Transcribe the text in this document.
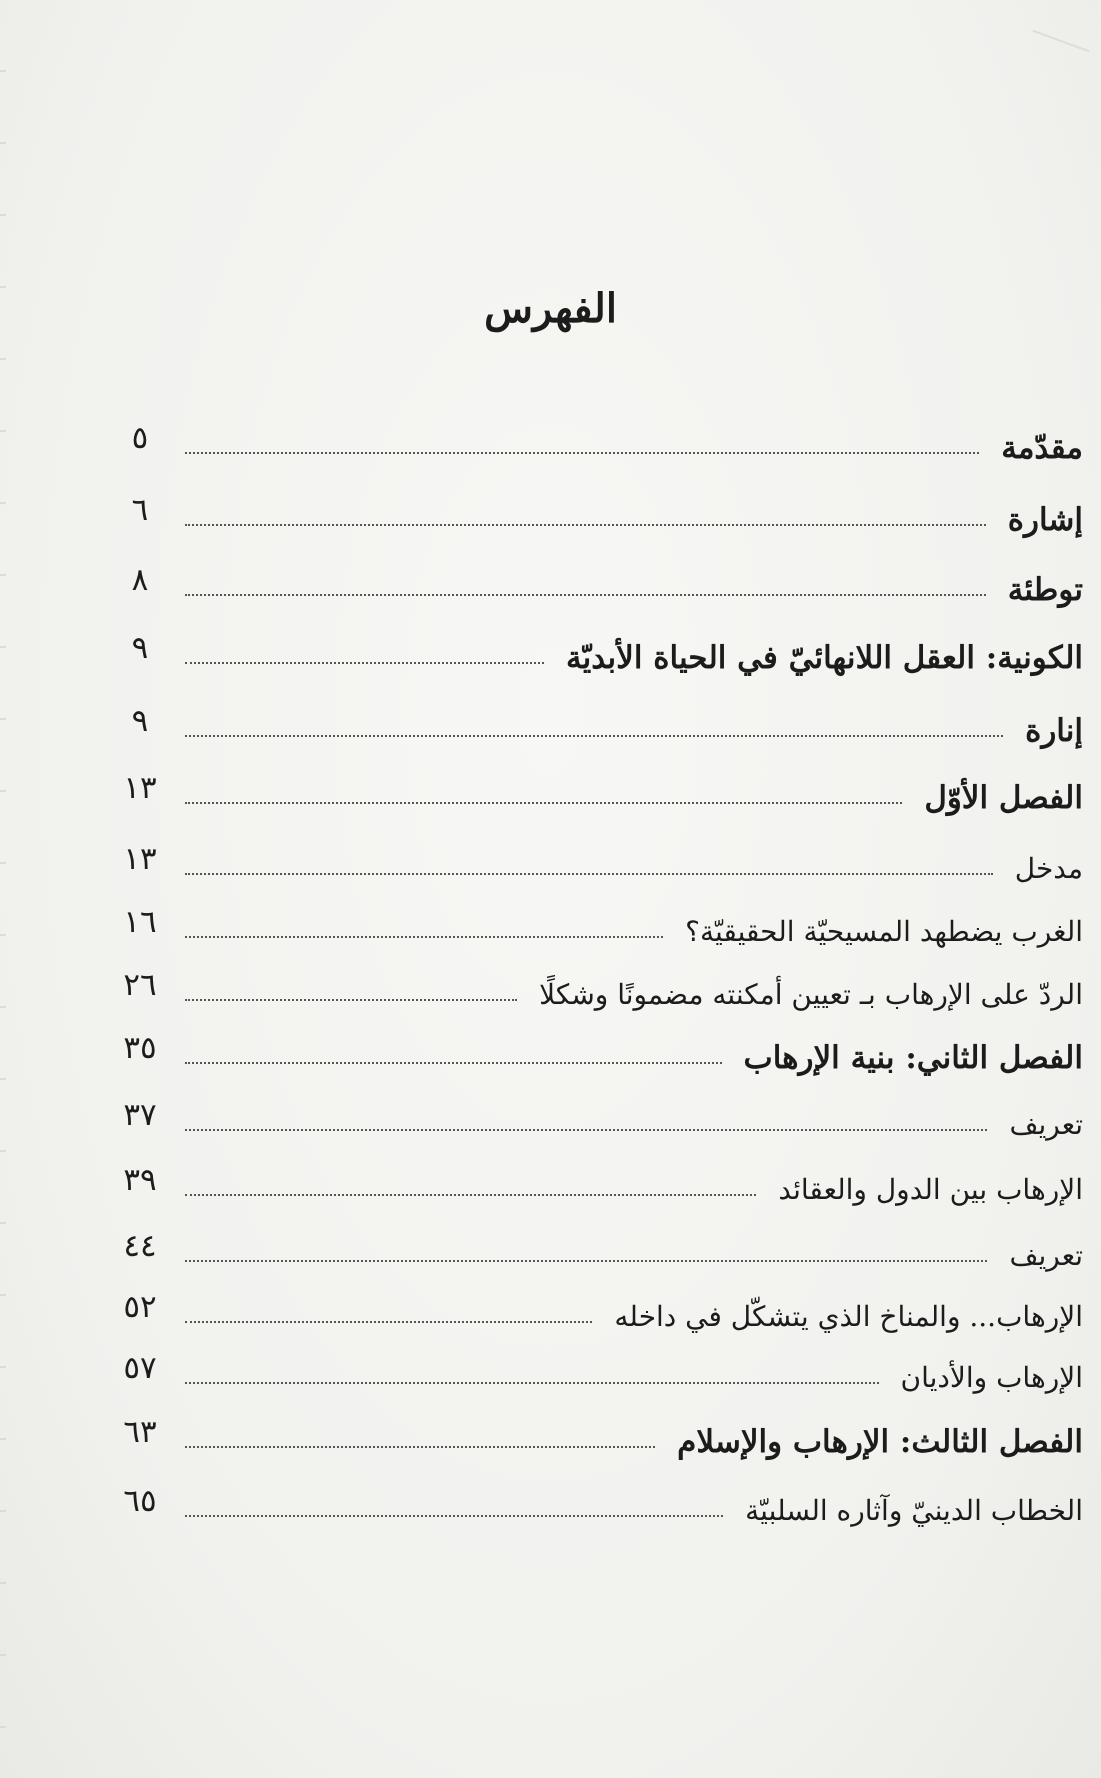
الفهرس
٥	مقدّمة
٦	إشارة
٨	توطئة
٩	الكونية: العقل اللانهائيّ في الحياة الأبديّة
٩	إنارة
١٣	الفصل الأوّل
١٣	مدخل
١٦	الغرب يضطهد المسيحيّة الحقيقيّة؟
٢٦	الردّ على الإرهاب بـ تعيين أمكنته مضمونًا وشكلًا
٣٥	الفصل الثاني: بنية الإرهاب
٣٧	تعريف
٣٩	الإرهاب بين الدول والعقائد
٤٤	تعريف
٥٢	الإرهاب... والمناخ الذي يتشكّل في داخله
٥٧	الإرهاب والأديان
٦٣	الفصل الثالث: الإرهاب والإسلام
٦٥	الخطاب الدينيّ وآثاره السلبيّة
